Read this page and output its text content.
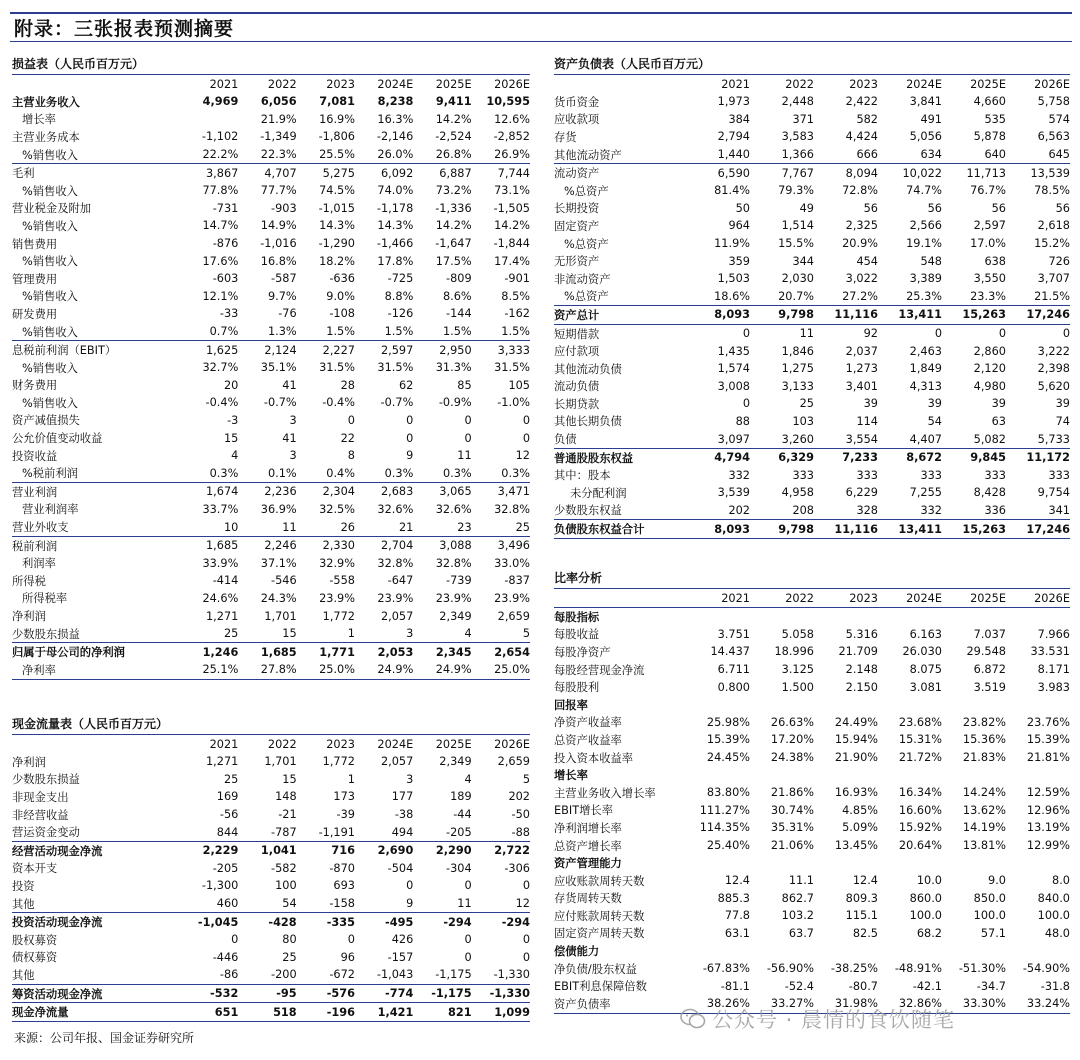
附录：三张报表预测摘要
损益表（人民币百万元）
	2021	2022	2023	2024E	2025E	2026E
主营业务收入	4,969	6,056	7,081	8,238	9,411	10,595
增长率		21.9%	16.9%	16.3%	14.2%	12.6%
主营业务成本	-1,102	-1,349	-1,806	-2,146	-2,524	-2,852
%销售收入	22.2%	22.3%	25.5%	26.0%	26.8%	26.9%
毛利	3,867	4,707	5,275	6,092	6,887	7,744
%销售收入	77.8%	77.7%	74.5%	74.0%	73.2%	73.1%
营业税金及附加	-731	-903	-1,015	-1,178	-1,336	-1,505
%销售收入	14.7%	14.9%	14.3%	14.3%	14.2%	14.2%
销售费用	-876	-1,016	-1,290	-1,466	-1,647	-1,844
%销售收入	17.6%	16.8%	18.2%	17.8%	17.5%	17.4%
管理费用	-603	-587	-636	-725	-809	-901
%销售收入	12.1%	9.7%	9.0%	8.8%	8.6%	8.5%
研发费用	-33	-76	-108	-126	-144	-162
%销售收入	0.7%	1.3%	1.5%	1.5%	1.5%	1.5%
息税前利润（EBIT）	1,625	2,124	2,227	2,597	2,950	3,333
%销售收入	32.7%	35.1%	31.5%	31.5%	31.3%	31.5%
财务费用	20	41	28	62	85	105
%销售收入	-0.4%	-0.7%	-0.4%	-0.7%	-0.9%	-1.0%
资产减值损失	-3	3	0	0	0	0
公允价值变动收益	15	41	22	0	0	0
投资收益	4	3	8	9	11	12
%税前利润	0.3%	0.1%	0.4%	0.3%	0.3%	0.3%
营业利润	1,674	2,236	2,304	2,683	3,065	3,471
营业利润率	33.7%	36.9%	32.5%	32.6%	32.6%	32.8%
营业外收支	10	11	26	21	23	25
税前利润	1,685	2,246	2,330	2,704	3,088	3,496
利润率	33.9%	37.1%	32.9%	32.8%	32.8%	33.0%
所得税	-414	-546	-558	-647	-739	-837
所得税率	24.6%	24.3%	23.9%	23.9%	23.9%	23.9%
净利润	1,271	1,701	1,772	2,057	2,349	2,659
少数股东损益	25	15	1	3	4	5
归属于母公司的净利润	1,246	1,685	1,771	2,053	2,345	2,654
净利率	25.1%	27.8%	25.0%	24.9%	24.9%	25.0%
资产负债表（人民币百万元）
	2021	2022	2023	2024E	2025E	2026E
货币资金	1,973	2,448	2,422	3,841	4,660	5,758
应收款项	384	371	582	491	535	574
存货	2,794	3,583	4,424	5,056	5,878	6,563
其他流动资产	1,440	1,366	666	634	640	645
流动资产	6,590	7,767	8,094	10,022	11,713	13,539
%总资产	81.4%	79.3%	72.8%	74.7%	76.7%	78.5%
长期投资	50	49	56	56	56	56
固定资产	964	1,514	2,325	2,566	2,597	2,618
%总资产	11.9%	15.5%	20.9%	19.1%	17.0%	15.2%
无形资产	359	344	454	548	638	726
非流动资产	1,503	2,030	3,022	3,389	3,550	3,707
%总资产	18.6%	20.7%	27.2%	25.3%	23.3%	21.5%
资产总计	8,093	9,798	11,116	13,411	15,263	17,246
短期借款	0	11	92	0	0	0
应付款项	1,435	1,846	2,037	2,463	2,860	3,222
其他流动负债	1,574	1,275	1,273	1,849	2,120	2,398
流动负债	3,008	3,133	3,401	4,313	4,980	5,620
长期贷款	0	25	39	39	39	39
其他长期负债	88	103	114	54	63	74
负债	3,097	3,260	3,554	4,407	5,082	5,733
普通股股东权益	4,794	6,329	7,233	8,672	9,845	11,172
其中：股本	332	333	333	333	333	333
未分配利润	3,539	4,958	6,229	7,255	8,428	9,754
少数股东权益	202	208	328	332	336	341
负债股东权益合计	8,093	9,798	11,116	13,411	15,263	17,246
比率分析
	2021	2022	2023	2024E	2025E	2026E
每股指标						
每股收益	3.751	5.058	5.316	6.163	7.037	7.966
每股净资产	14.437	18.996	21.709	26.030	29.548	33.531
每股经营现金净流	6.711	3.125	2.148	8.075	6.872	8.171
每股股利	0.800	1.500	2.150	3.081	3.519	3.983
回报率						
净资产收益率	25.98%	26.63%	24.49%	23.68%	23.82%	23.76%
总资产收益率	15.39%	17.20%	15.94%	15.31%	15.36%	15.39%
投入资本收益率	24.45%	24.38%	21.90%	21.72%	21.83%	21.81%
增长率						
主营业务收入增长率	83.80%	21.86%	16.93%	16.34%	14.24%	12.59%
EBIT增长率	111.27%	30.74%	4.85%	16.60%	13.62%	12.96%
净利润增长率	114.35%	35.31%	5.09%	15.92%	14.19%	13.19%
总资产增长率	25.40%	21.06%	13.45%	20.64%	13.81%	12.99%
资产管理能力						
应收账款周转天数	12.4	11.1	12.4	10.0	9.0	8.0
存货周转天数	885.3	862.7	809.3	860.0	850.0	840.0
应付账款周转天数	77.8	103.2	115.1	100.0	100.0	100.0
固定资产周转天数	63.1	63.7	82.5	68.2	57.1	48.0
偿债能力						
净负债/股东权益	-67.83%	-56.90%	-38.25%	-48.91%	-51.30%	-54.90%
EBIT利息保障倍数	-81.1	-52.4	-80.7	-42.1	-34.7	-31.8
资产负债率	38.26%	33.27%	31.98%	32.86%	33.30%	33.24%
现金流量表（人民币百万元）
	2021	2022	2023	2024E	2025E	2026E
净利润	1,271	1,701	1,772	2,057	2,349	2,659
少数股东损益	25	15	1	3	4	5
非现金支出	169	148	173	177	189	202
非经营收益	-56	-21	-39	-38	-44	-50
营运资金变动	844	-787	-1,191	494	-205	-88
经营活动现金净流	2,229	1,041	716	2,690	2,290	2,722
资本开支	-205	-582	-870	-504	-304	-306
投资	-1,300	100	693	0	0	0
其他	460	54	-158	9	11	12
投资活动现金净流	-1,045	-428	-335	-495	-294	-294
股权募资	0	80	0	426	0	0
债权募资	-446	25	96	-157	0	0
其他	-86	-200	-672	-1,043	-1,175	-1,330
筹资活动现金净流	-532	-95	-576	-774	-1,175	-1,330
现金净流量	651	518	-196	1,421	821	1,099
来源：公司年报、国金证券研究所
公众号 · 晨情的食饮随笔
